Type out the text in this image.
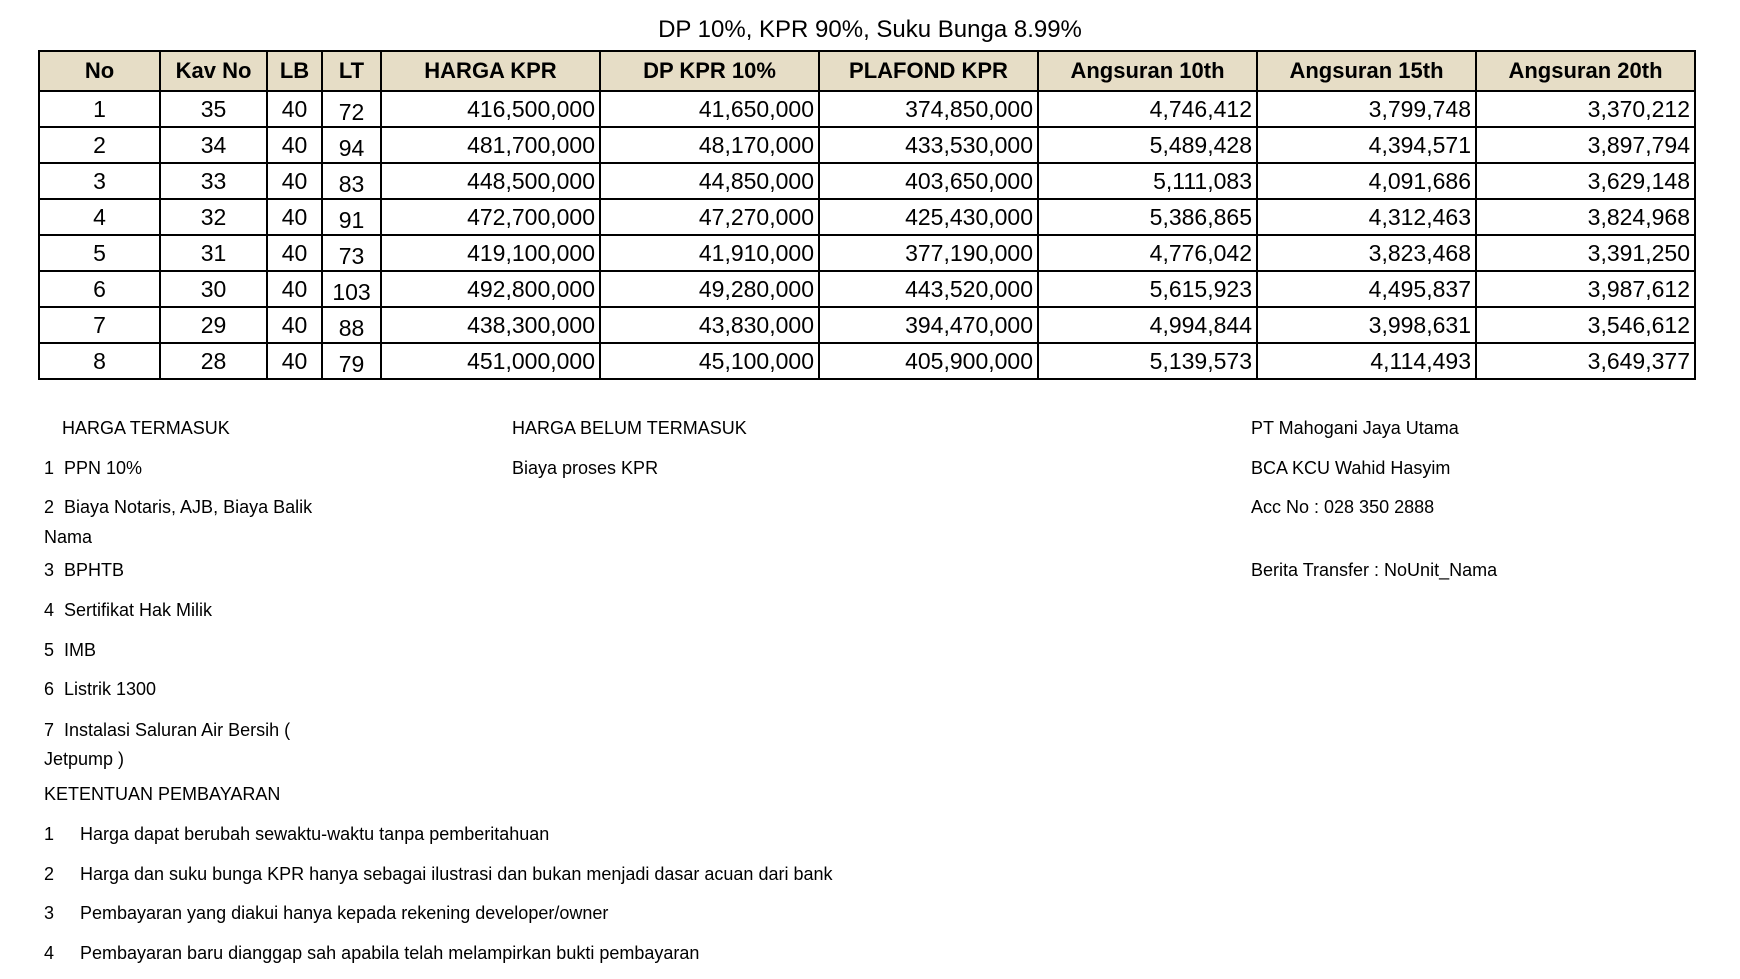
DP 10%, KPR 90%, Suku Bunga 8.99%
No	Kav No	LB	LT	HARGA KPR	DP KPR 10%	PLAFOND KPR	Angsuran 10th	Angsuran 15th	Angsuran 20th
1	35	40	72	416,500,000	41,650,000	374,850,000	4,746,412	3,799,748	3,370,212
2	34	40	94	481,700,000	48,170,000	433,530,000	5,489,428	4,394,571	3,897,794
3	33	40	83	448,500,000	44,850,000	403,650,000	5,111,083	4,091,686	3,629,148
4	32	40	91	472,700,000	47,270,000	425,430,000	5,386,865	4,312,463	3,824,968
5	31	40	73	419,100,000	41,910,000	377,190,000	4,776,042	3,823,468	3,391,250
6	30	40	103	492,800,000	49,280,000	443,520,000	5,615,923	4,495,837	3,987,612
7	29	40	88	438,300,000	43,830,000	394,470,000	4,994,844	3,998,631	3,546,612
8	28	40	79	451,000,000	45,100,000	405,900,000	5,139,573	4,114,493	3,649,377
HARGA TERMASUK
1 PPN 10%
2 Biaya Notaris, AJB, Biaya Balik
Nama
3 BPHTB
4 Sertifikat Hak Milik
5 IMB
6 Listrik 1300
7 Instalasi Saluran Air Bersih (
Jetpump )
HARGA BELUM TERMASUK
Biaya proses KPR
PT Mahogani Jaya Utama
BCA KCU Wahid Hasyim
Acc No : 028 350 2888
Berita Transfer : NoUnit_Nama
KETENTUAN PEMBAYARAN
1 Harga dapat berubah sewaktu-waktu tanpa pemberitahuan
2 Harga dan suku bunga KPR hanya sebagai ilustrasi dan bukan menjadi dasar acuan dari bank
3 Pembayaran yang diakui hanya kepada rekening developer/owner
4 Pembayaran baru dianggap sah apabila telah melampirkan bukti pembayaran
